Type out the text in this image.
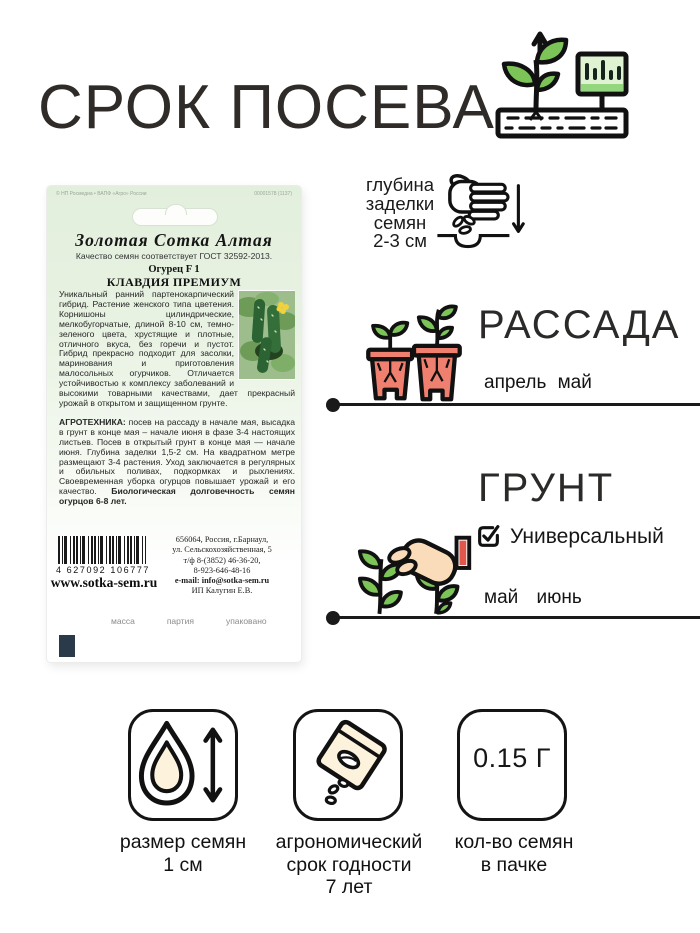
СРОК ПОСЕВА
© НП Росмедиа • ВАПФ «Агро» России	00001578 (1137)
Золотая Сотка Алтая
Качество семян соответствует ГОСТ 32592-2013.
Огурец F 1
КЛАВДИЯ ПРЕМИУМ
Уникальный ранний партенокарпический гибрид. Растение женского типа цветения. Корнишоны цилиндрические, мелкобугорчатые, длиной 8-10 см, темно-зеленого цвета, хрустящие и плотные, отличного вкуса, без горечи и пустот. Гибрид прекрасно подходит для засолки, маринования и приготовления малосольных огурчиков. Отличается устойчивостью к комплексу заболеваний и высокими товарными качествами, дает прекрасный урожай в открытом и защищенном грунте.
АГРОТЕХНИКА: посев на рассаду в начале мая, высадка в грунт в конце мая – начале июня в фазе 3-4 настоящих листьев. Посев в открытый грунт в конце мая — начале июня. Глубина заделки 1,5-2 см. На квадратном метре размещают 3-4 растения. Уход заключается в регулярных и обильных поливах, подкормках и рыхлениях. Своевременная уборка огурцов повышает урожай и его качество. Биологическая долговечность семян огурцов 6-8 лет.
4 627092 106777
www.sotka-sem.ru
656064, Россия, г.Барнаул,
ул. Сельскохозяйственная, 5
т/ф 8-(3852) 46-36-20,
8-923-646-48-16
e-mail: info@sotka-sem.ru
ИП Калугин Е.В.
масса	партия	упаковано
глубина
заделки
семян
2-3 см
РАССАДА
апрель май
ГРУНТ
Универсальный
май июнь
0.15 Г
размер семян
1 см
агрономический
срок годности
7 лет
кол-во семян
в пачке
